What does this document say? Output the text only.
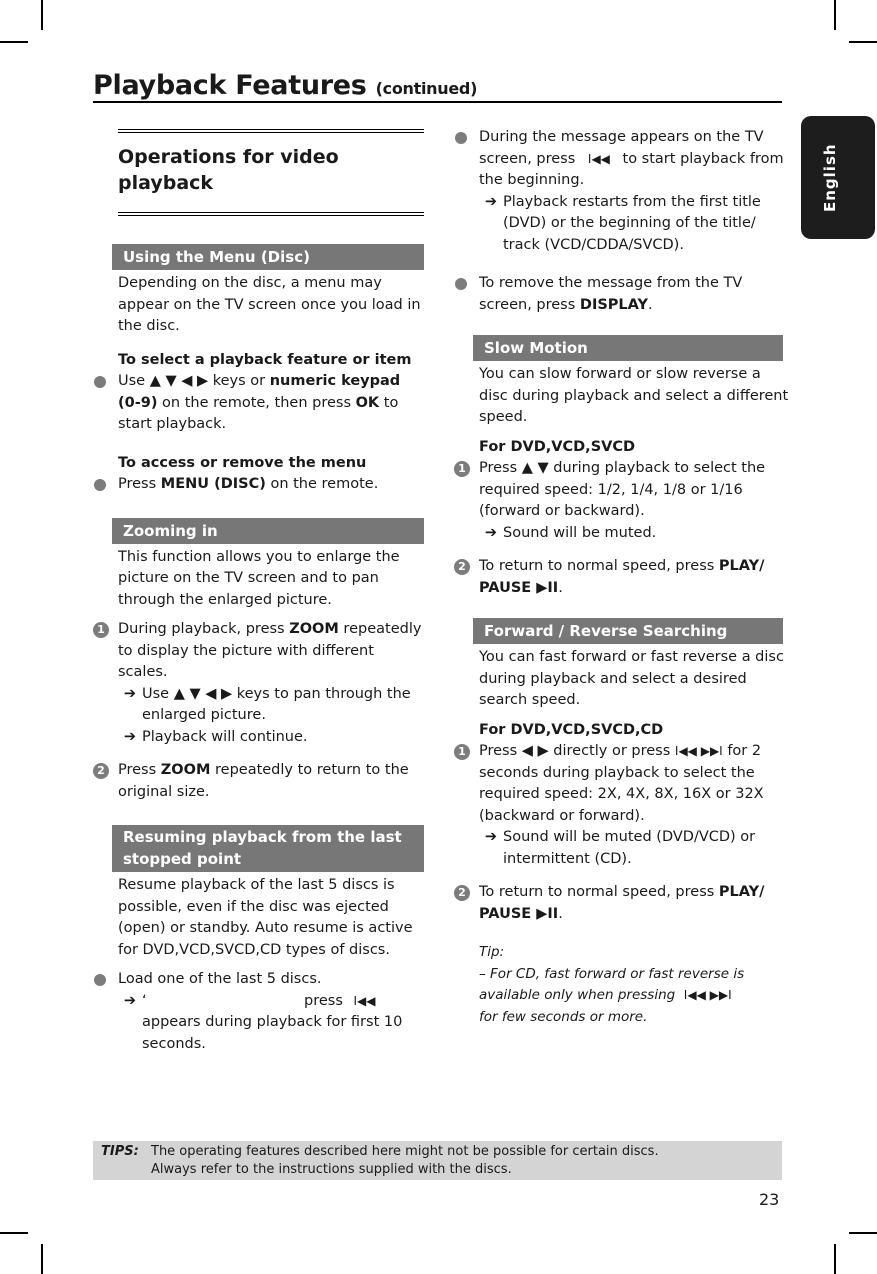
Playback Features (continued)
English
Operations for video
playback
Using the Menu (Disc)

Depending on the disc, a menu may appear on the TV screen once you load in the disc.

To select a playback feature or item

Use ▲ ▼ ◀ ▶ keys or numeric keypad (0-9) on the remote, then press OK to start playback.

To access or remove the menu

Press MENU (DISC) on the remote.

Zooming in

This function allows you to enlarge the picture on the TV screen and to pan through the enlarged picture.

1 During playback, press ZOOM repeatedly to display the picture with different scales.

➔ Use ▲ ▼ ◀ ▶ keys to pan through the enlarged picture.

➔ Playback will continue.

2 Press ZOOM repeatedly to return to the original size.

Resuming playback from the last stopped point

Resume playback of the last 5 discs is possible, even if the disc was ejected (open) or standby. Auto resume is active for DVD,VCD,SVCD,CD types of discs.

Load one of the last 5 discs.

➔ ‘	press I◀◀

appears during playback for first 10 seconds.

During the message appears on the TV screen, press I◀◀ to start playback from the beginning.

➔ Playback restarts from the first title (DVD) or the beginning of the title/ track (VCD/CDDA/SVCD).

To remove the message from the TV screen, press DISPLAY.

Slow Motion

You can slow forward or slow reverse a disc during playback and select a different speed.

For DVD,VCD,SVCD

1 Press ▲ ▼ during playback to select the required speed: 1/2, 1/4, 1/8 or 1/16 (forward or backward).

➔ Sound will be muted.

2 To return to normal speed, press PLAY/ PAUSE ▶II.

Forward / Reverse Searching

You can fast forward or fast reverse a disc during playback and select a desired search speed.

For DVD,VCD,SVCD,CD

1 Press ◀ ▶ directly or press I◀◀ ▶▶I for 2 seconds during playback to select the required speed: 2X, 4X, 8X, 16X or 32X (backward or forward).

➔ Sound will be muted (DVD/VCD) or intermittent (CD).

2 To return to normal speed, press PLAY/ PAUSE ▶II.

Tip:
– For CD, fast forward or fast reverse is
available only when pressing I◀◀ ▶▶I
for few seconds or more.
TIPS: The operating features described here might not be possible for certain discs.
Always refer to the instructions supplied with the discs.
23
